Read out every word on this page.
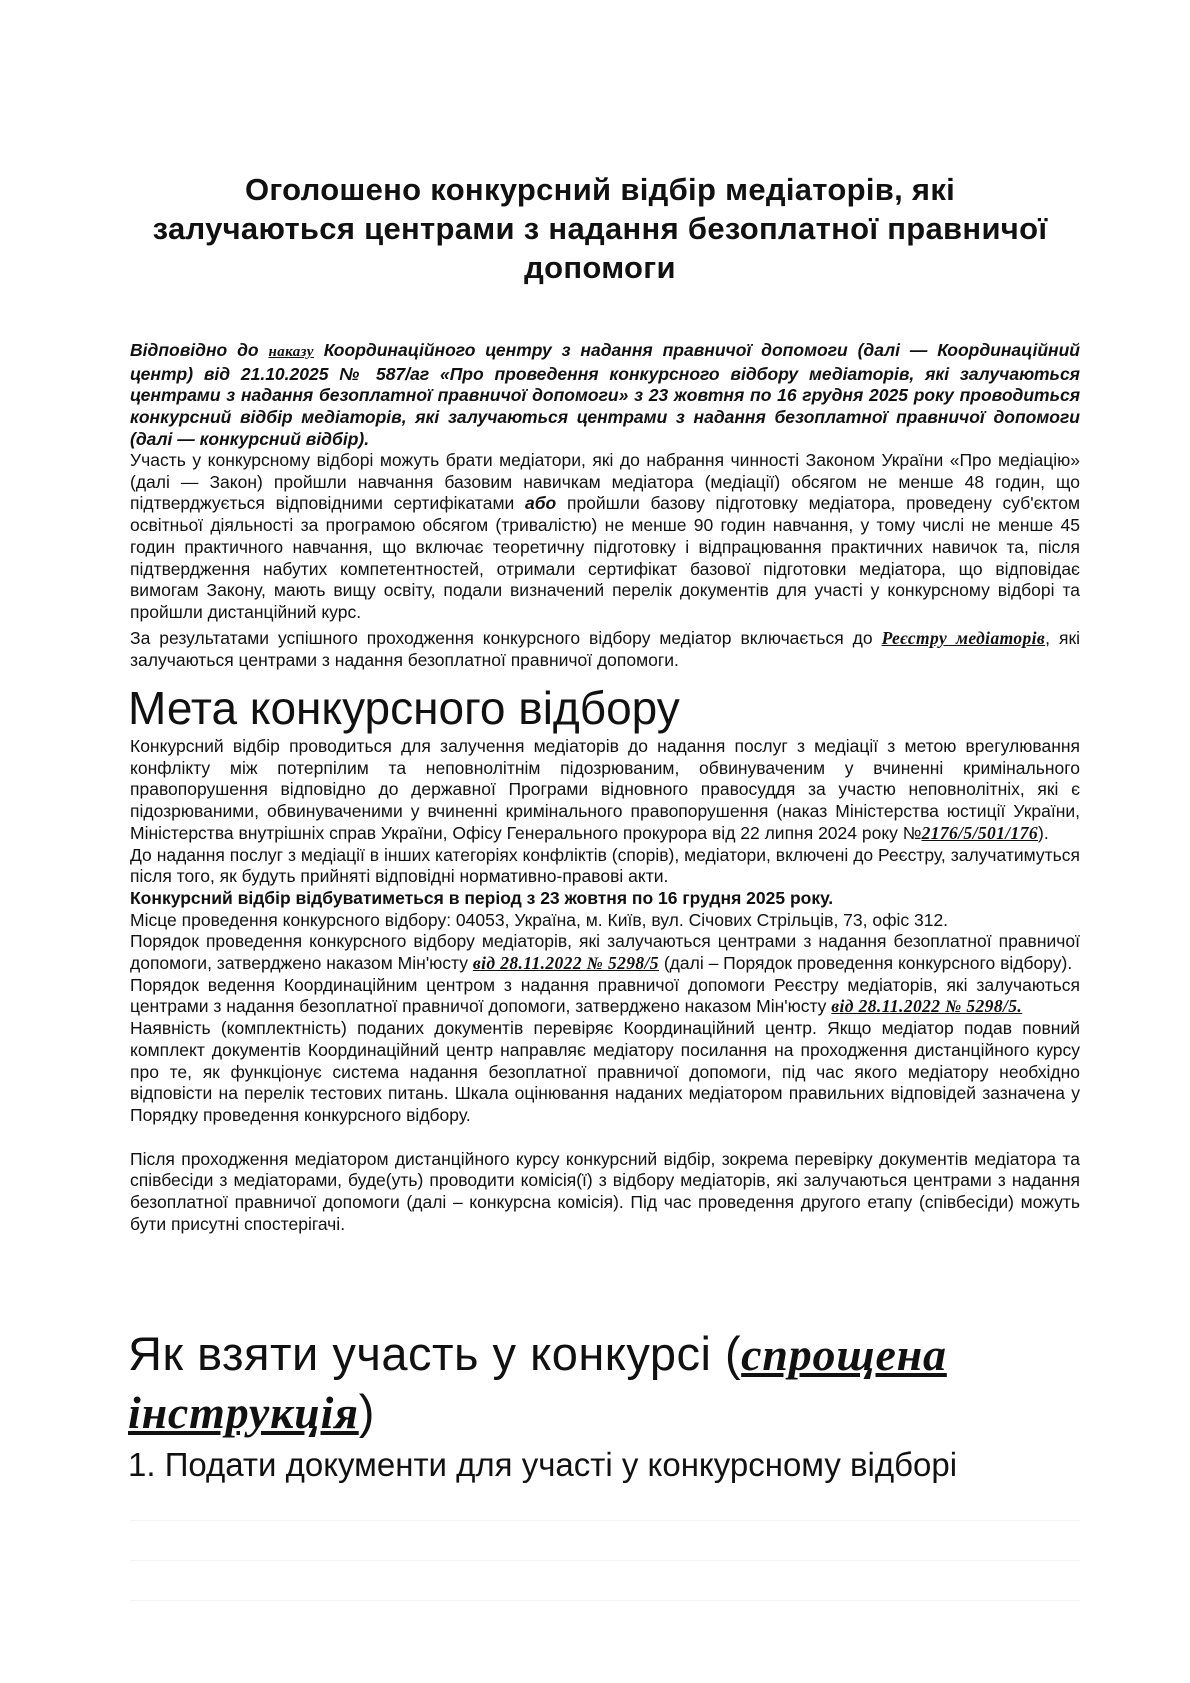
Оголошено конкурсний відбір медіаторів, які
залучаються центрами з надання безоплатної правничої
допомоги
Відповідно до наказу Координаційного центру з надання правничої допомоги (далі — Координаційний центр) від 21.10.2025 № 587/аг «Про проведення конкурсного відбору медіаторів, які залучаються центрами з надання безоплатної правничої допомоги» з 23 жовтня по 16 грудня 2025 року проводиться конкурсний відбір медіаторів, які залучаються центрами з надання безоплатної правничої допомоги (далі — конкурсний відбір).
Участь у конкурсному відборі можуть брати медіатори, які до набрання чинності Законом України «Про медіацію» (далі — Закон) пройшли навчання базовим навичкам медіатора (медіації) обсягом не менше 48 годин, що підтверджується відповідними сертифікатами або пройшли базову підготовку медіатора, проведену суб'єктом освітньої діяльності за програмою обсягом (тривалістю) не менше 90 годин навчання, у тому числі не менше 45 годин практичного навчання, що включає теоретичну підготовку і відпрацювання практичних навичок та, після підтвердження набутих компетентностей, отримали сертифікат базової підготовки медіатора, що відповідає вимогам Закону, мають вищу освіту, подали визначений перелік документів для участі у конкурсному відборі та пройшли дистанційний курс.
За результатами успішного проходження конкурсного відбору медіатор включається до Реєстру медіаторів, які залучаються центрами з надання безоплатної правничої допомоги.
Мета конкурсного відбору
Конкурсний відбір проводиться для залучення медіаторів до надання послуг з медіації з метою врегулювання конфлікту між потерпілим та неповнолітнім підозрюваним, обвинуваченим у вчиненні кримінального правопорушення відповідно до державної Програми відновного правосуддя за участю неповнолітніх, які є підозрюваними, обвинуваченими у вчиненні кримінального правопорушення (наказ Міністерства юстиції України, Міністерства внутрішніх справ України, Офісу Генерального прокурора від 22 липня 2024 року №2176/5/501/176).
До надання послуг з медіації в інших категоріях конфліктів (спорів), медіатори, включені до Реєстру, залучатимуться після того, як будуть прийняті відповідні нормативно-правові акти.
Конкурсний відбір відбуватиметься в період з 23 жовтня по 16 грудня 2025 року.
Місце проведення конкурсного відбору: 04053, Україна, м. Київ, вул. Січових Стрільців, 73, офіс 312.
Порядок проведення конкурсного відбору медіаторів, які залучаються центрами з надання безоплатної правничої допомоги, затверджено наказом Мін'юсту від 28.11.2022 № 5298/5 (далі – Порядок проведення конкурсного відбору).
Порядок ведення Координаційним центром з надання правничої допомоги Реєстру медіаторів, які залучаються центрами з надання безоплатної правничої допомоги, затверджено наказом Мін'юсту від 28.11.2022 № 5298/5.
Наявність (комплектність) поданих документів перевіряє Координаційний центр. Якщо медіатор подав повний комплект документів Координаційний центр направляє медіатору посилання на проходження дистанційного курсу про те, як функціонує система надання безоплатної правничої допомоги, під час якого медіатору необхідно відповісти на перелік тестових питань. Шкала оцінювання наданих медіатором правильних відповідей зазначена у Порядку проведення конкурсного відбору.
Після проходження медіатором дистанційного курсу конкурсний відбір, зокрема перевірку документів медіатора та співбесіди з медіаторами, буде(уть) проводити комісія(ї) з відбору медіаторів, які залучаються центрами з надання безоплатної правничої допомоги (далі – конкурсна комісія). Під час проведення другого етапу (співбесіди) можуть бути присутні спостерігачі.
Як взяти участь у конкурсі (спрощена інструкція)
1. Подати документи для участі у конкурсному відборі
